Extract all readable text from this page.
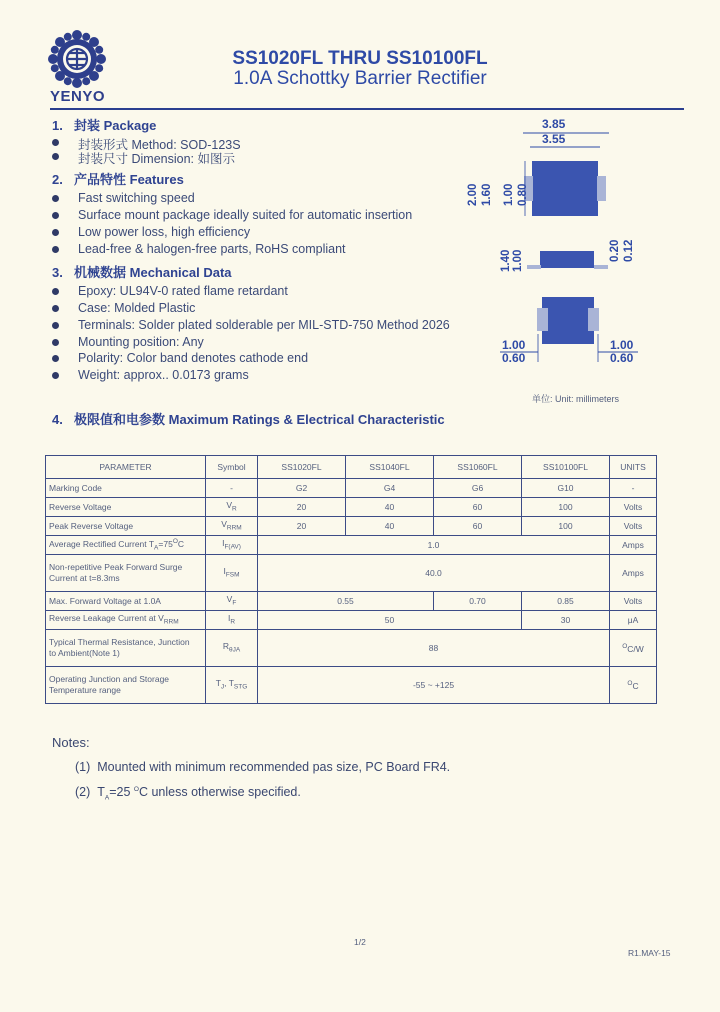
YENYO
SS1020FL THRU SS10100FL
1.0A Schottky Barrier Rectifier
1. 封装 Package
封装形式 Method: SOD-123S
封装尺寸 Dimension: 如图示
2. 产品特性 Features
Fast switching speed
Surface mount package ideally suited for automatic insertion
Low power loss, high efficiency
Lead-free & halogen-free parts, RoHS compliant
3. 机械数据 Mechanical Data
Epoxy: UL94V-0 rated flame retardant
Case: Molded Plastic
Terminals: Solder plated solderable per MIL-STD-750 Method 2026
Mounting position: Any
Polarity: Color band denotes cathode end
Weight: approx.. 0.0173 grams
4. 极限值和电参数 Maximum Ratings & Electrical Characteristic
3.85
3.55
2.00 1.60 1.00 0.80
1.40 1.00	0.20 0.12
1.00
0.60
1.00
0.60
单位: Unit: millimeters
PARAMETER	Symbol	SS1020FL	SS1040FL	SS1060FL	SS10100FL	UNITS
Marking Code	-	G2	G4	G6	G10	-
Reverse Voltage	$V_R$	20	40	60	100	Volts
Peak Reverse Voltage	$V_{RRM}$	20	40	60	100	Volts
Average Rectified Current $T_A=75^OC$	$I_{F(AV)}$	1.0				Amps
Non-repetitive Peak Forward Surge
Current at t=8.3ms	$I_{FSM}$	40.0				Amps
Max. Forward Voltage at 1.0A	$V_F$	0.55		0.70	0.85	Volts
Reverse Leakage Current at $V_{RRM}$	$I_R$	50			30	μA
Typical Thermal Resistance, Junction
to Ambient(Note 1)	$R_{\theta JA}$	88				$^O$C/W
Operating Junction and Storage
Temperature range	$T_J$, $T_{STG}$	-55 ~ +125				$^O$C
Notes:
(1) Mounted with minimum recommended pas size, PC Board FR4.
(2) $T_A=25$ $^O$C unless otherwise specified.
1/2
R1.MAY-15
